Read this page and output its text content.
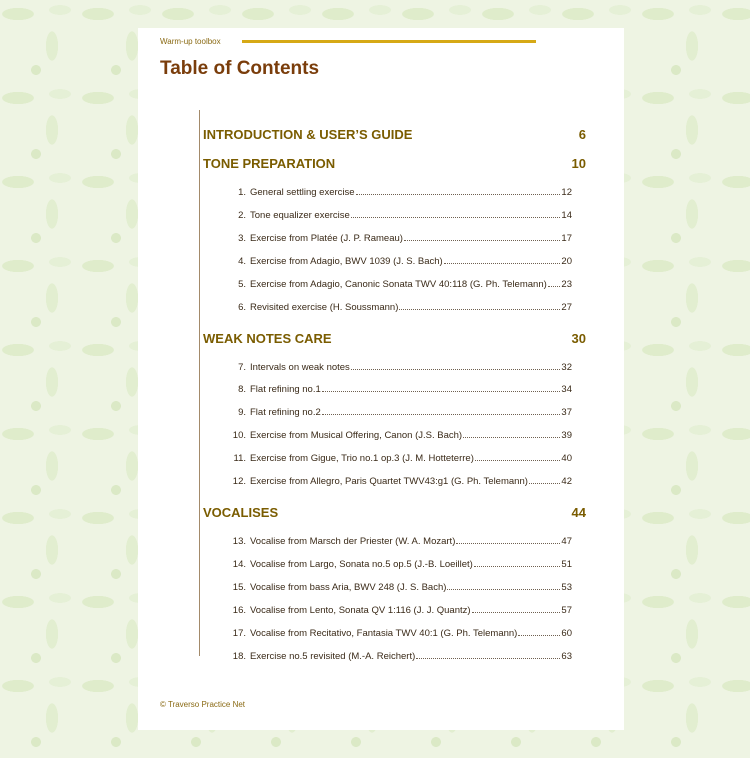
Warm-up toolbox
Table of Contents
INTRODUCTION & USER’S GUIDE	6
TONE PREPARATION	10
1. General settling exercise	12
2. Tone equalizer exercise	14
3. Exercise from Platée (J. P. Rameau)	17
4. Exercise from Adagio, BWV 1039 (J. S. Bach)	20
5. Exercise from Adagio, Canonic Sonata TWV 40:118 (G. Ph. Telemann) 23
6. Revisited exercise (H. Soussmann)	27
WEAK NOTES CARE	30
7. Intervals on weak notes	32
8. Flat refining no.1	34
9. Flat refining no.2	37
10. Exercise from Musical Offering, Canon (J.S. Bach)	39
11. Exercise from Gigue, Trio no.1 op.3 (J. M. Hotteterre)	40
12. Exercise from Allegro, Paris Quartet TWV43:g1 (G. Ph. Telemann)	42
VOCALISES	44
13. Vocalise from Marsch der Priester (W. A. Mozart)	47
14. Vocalise from Largo, Sonata no.5 op.5 (J.-B. Loeillet)	51
15. Vocalise from bass Aria, BWV 248 (J. S. Bach)	53
16. Vocalise from Lento, Sonata QV 1:116 (J. J. Quantz)	57
17. Vocalise from Recitativo, Fantasia TWV 40:1 (G. Ph. Telemann)	60
18. Exercise no.5 revisited (M.-A. Reichert)	63
© Traverso Practice Net
